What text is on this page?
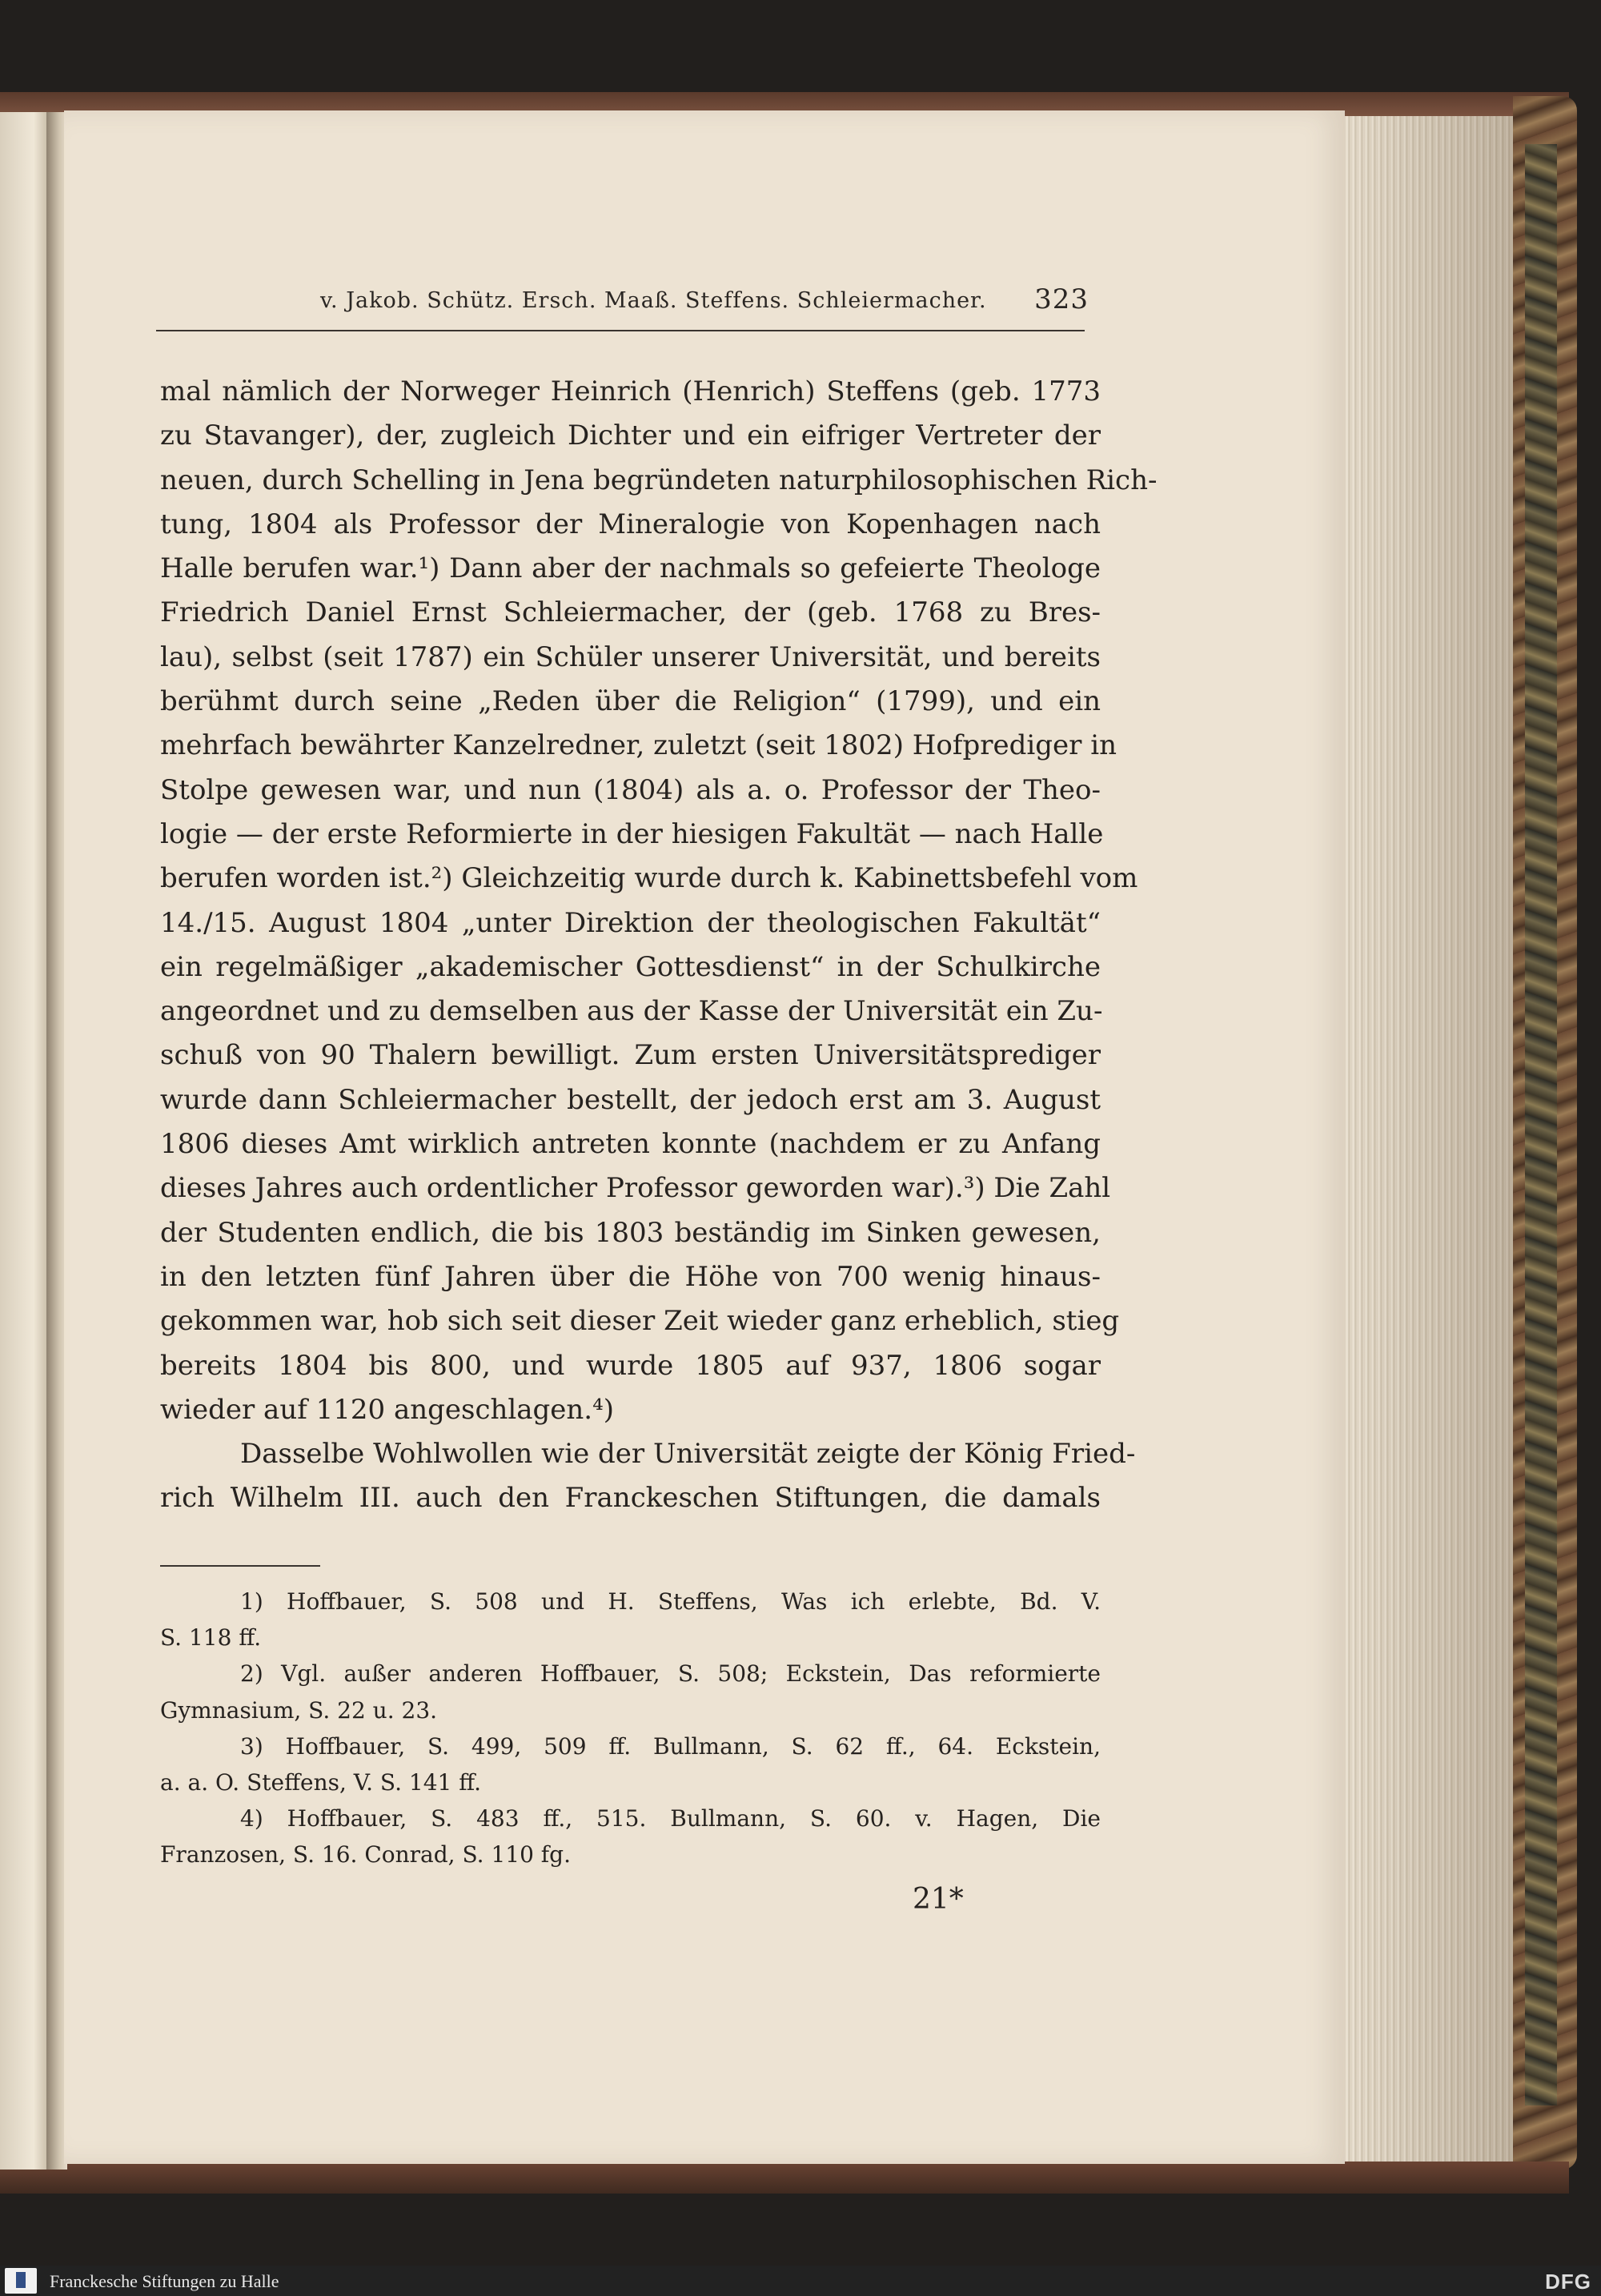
v. Jakob. Schütz. Ersch. Maaß. Steffens. Schleiermacher. 323
mal nämlich der Norweger Heinrich (Henrich) Steffens (geb. 1773
zu Stavanger), der, zugleich Dichter und ein eifriger Vertreter der
neuen, durch Schelling in Jena begründeten naturphilosophischen Rich-
tung, 1804 als Professor der Mineralogie von Kopenhagen nach
Halle berufen war.¹) Dann aber der nachmals so gefeierte Theologe
Friedrich Daniel Ernst Schleiermacher, der (geb. 1768 zu Bres-
lau), selbst (seit 1787) ein Schüler unserer Universität, und bereits
berühmt durch seine „Reden über die Religion“ (1799), und ein
mehrfach bewährter Kanzelredner, zuletzt (seit 1802) Hofprediger in
Stolpe gewesen war, und nun (1804) als a. o. Professor der Theo-
logie — der erste Reformierte in der hiesigen Fakultät — nach Halle
berufen worden ist.²) Gleichzeitig wurde durch k. Kabinettsbefehl vom
14./15. August 1804 „unter Direktion der theologischen Fakultät“
ein regelmäßiger „akademischer Gottesdienst“ in der Schulkirche
angeordnet und zu demselben aus der Kasse der Universität ein Zu-
schuß von 90 Thalern bewilligt. Zum ersten Universitätsprediger
wurde dann Schleiermacher bestellt, der jedoch erst am 3. August
1806 dieses Amt wirklich antreten konnte (nachdem er zu Anfang
dieses Jahres auch ordentlicher Professor geworden war).³) Die Zahl
der Studenten endlich, die bis 1803 beständig im Sinken gewesen,
in den letzten fünf Jahren über die Höhe von 700 wenig hinaus-
gekommen war, hob sich seit dieser Zeit wieder ganz erheblich, stieg
bereits 1804 bis 800, und wurde 1805 auf 937, 1806 sogar
wieder auf 1120 angeschlagen.⁴)
Dasselbe Wohlwollen wie der Universität zeigte der König Fried-
rich Wilhelm III. auch den Franckeschen Stiftungen, die damals
1) Hoffbauer, S. 508 und H. Steffens, Was ich erlebte, Bd. V.
S. 118 ff.
2) Vgl. außer anderen Hoffbauer, S. 508; Eckstein, Das reformierte
Gymnasium, S. 22 u. 23.
3) Hoffbauer, S. 499, 509 ff. Bullmann, S. 62 ff., 64. Eckstein,
a. a. O. Steffens, V. S. 141 ff.
4) Hoffbauer, S. 483 ff., 515. Bullmann, S. 60. v. Hagen, Die
Franzosen, S. 16. Conrad, S. 110 fg.
21*
Franckesche Stiftungen zu Halle	DFG
